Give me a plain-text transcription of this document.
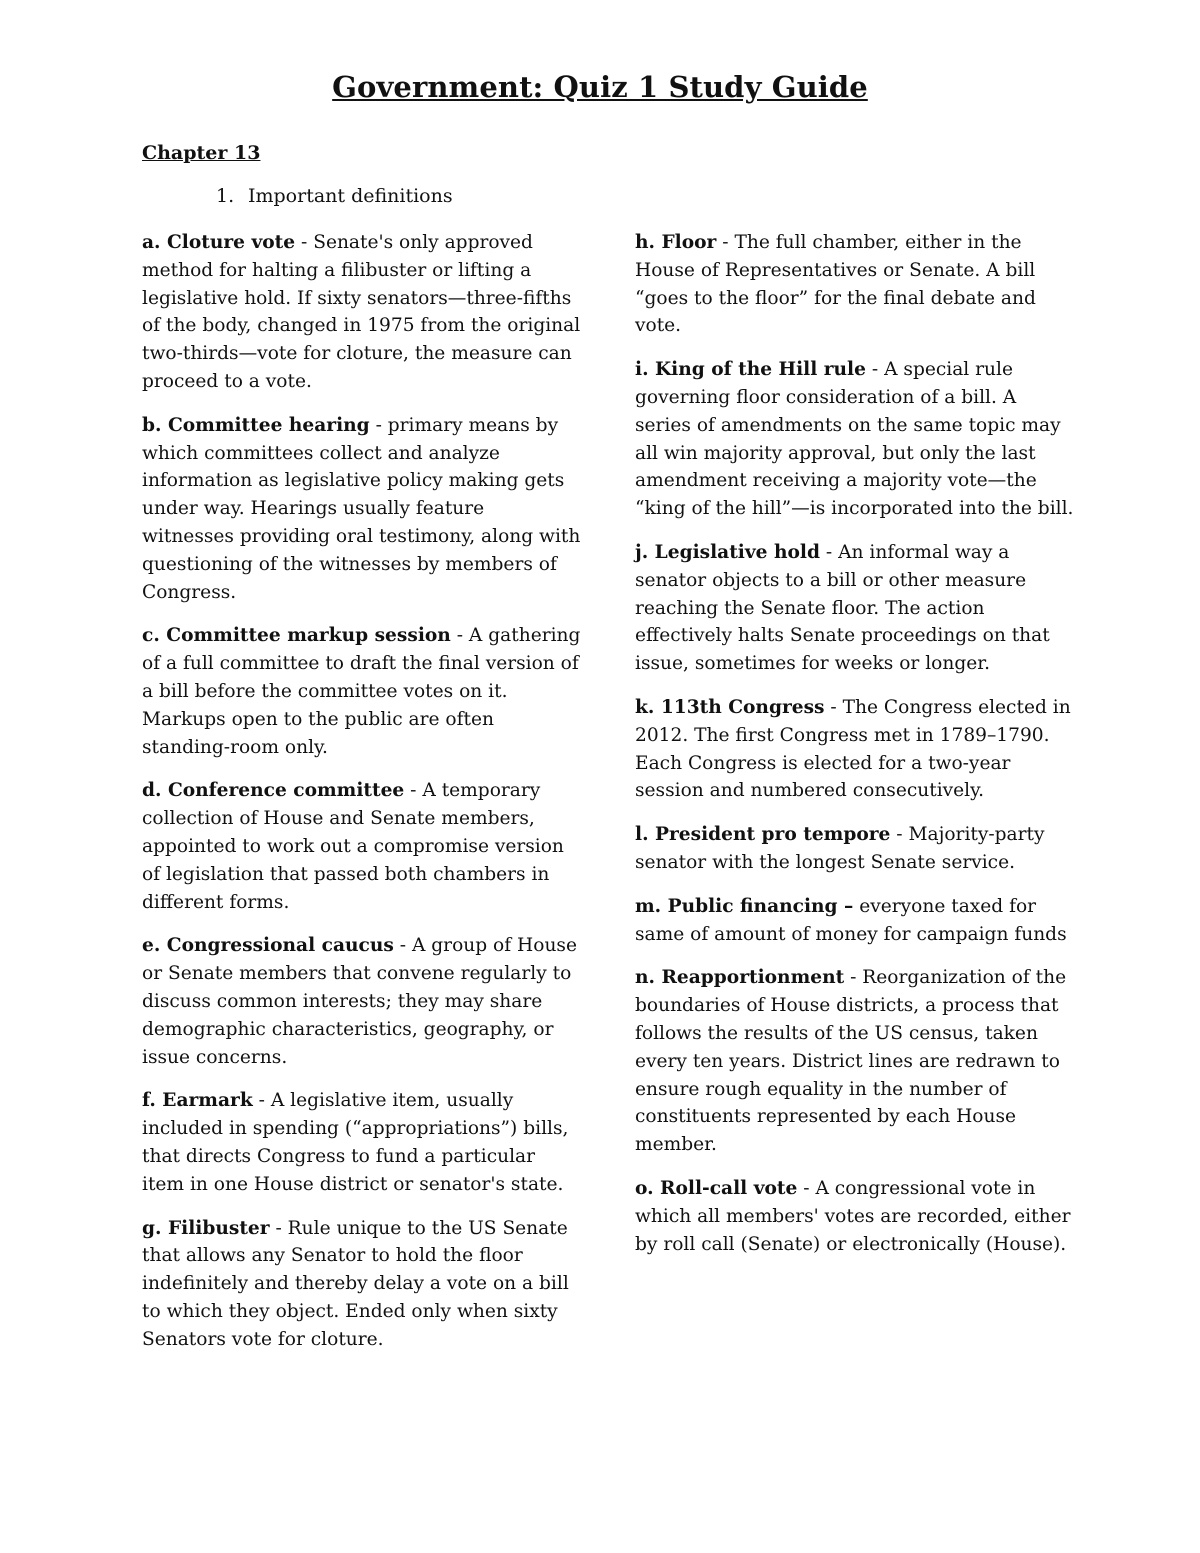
Government: Quiz 1 Study Guide
Chapter 13

1. Important definitions

a. Cloture vote - Senate's only approved method for halting a filibuster or lifting a legislative hold. If sixty senators—three-fifths of the body, changed in 1975 from the original two-thirds—vote for cloture, the measure can proceed to a vote.

b. Committee hearing - primary means by which committees collect and analyze information as legislative policy making gets under way. Hearings usually feature witnesses providing oral testimony, along with questioning of the witnesses by members of Congress.

c. Committee markup session - A gathering of a full committee to draft the final version of a bill before the committee votes on it. Markups open to the public are often standing-room only.

d. Conference committee - A temporary collection of House and Senate members, appointed to work out a compromise version of legislation that passed both chambers in different forms.

e. Congressional caucus - A group of House or Senate members that convene regularly to discuss common interests; they may share demographic characteristics, geography, or issue concerns.

f. Earmark - A legislative item, usually included in spending (“appropriations”) bills, that directs Congress to fund a particular item in one House district or senator's state.

g. Filibuster - Rule unique to the US Senate that allows any Senator to hold the floor indefinitely and thereby delay a vote on a bill to which they object. Ended only when sixty Senators vote for cloture.

h. Floor - The full chamber, either in the House of Representatives or Senate. A bill “goes to the floor” for the final debate and vote.

i. King of the Hill rule - A special rule governing floor consideration of a bill. A series of amendments on the same topic may all win majority approval, but only the last amendment receiving a majority vote—the “king of the hill”—is incorporated into the bill.

j. Legislative hold - An informal way a senator objects to a bill or other measure reaching the Senate floor. The action effectively halts Senate proceedings on that issue, sometimes for weeks or longer.

k. 113th Congress - The Congress elected in 2012. The first Congress met in 1789–1790. Each Congress is elected for a two-year session and numbered consecutively.

l. President pro tempore - Majority-party senator with the longest Senate service.

m. Public financing – everyone taxed for same of amount of money for campaign funds

n. Reapportionment - Reorganization of the boundaries of House districts, a process that follows the results of the US census, taken every ten years. District lines are redrawn to ensure rough equality in the number of constituents represented by each House member.

o. Roll-call vote - A congressional vote in which all members' votes are recorded, either by roll call (Senate) or electronically (House).
